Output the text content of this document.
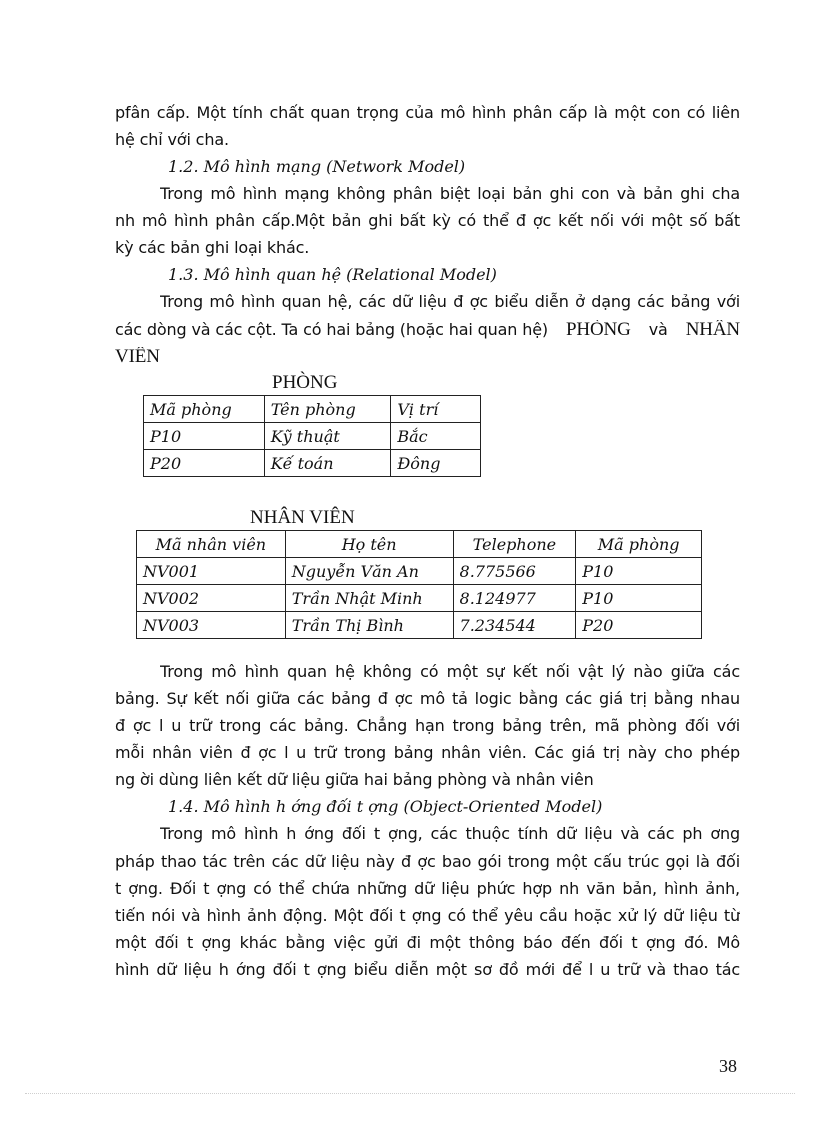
pfân cấp. Một tính chất quan trọng của mô hình phân cấp là một con có liên
hệ chỉ với cha.
1.2. Mô hình mạng (Network Model)
Trong mô hình mạng không phân biệt loại bản ghi con và bản ghi cha
nh mô hình phân cấp.Một bản ghi bất kỳ có thể đ ợc kết nối với một số bất
kỳ các bản ghi loại khác.
1.3. Mô hình quan hệ (Relational Model)
Trong mô hình quan hệ, các dữ liệu đ ợc biểu diễn ở dạng các bảng với
các dòng và các cột. Ta có hai bảng (hoặc hai quan hệ) PHÒNG và NHÂN
VIÊN
PHÒNG
Mã phòng	Tên phòng	Vị trí
P10	Kỹ thuật	Bắc
P20	Kế toán	Đông
NHÂN VIÊN
Mã nhân viên	Họ tên	Telephone	Mã phòng
NV001	Nguyễn Văn An	8.775566	P10
NV002	Trần Nhật Minh	8.124977	P10
NV003	Trần Thị Bình	7.234544	P20
Trong mô hình quan hệ không có một sự kết nối vật lý nào giữa các
bảng. Sự kết nối giữa các bảng đ ợc mô tả logic bằng các giá trị bằng nhau
đ ợc l u trữ trong các bảng. Chẳng hạn trong bảng trên, mã phòng đối với
mỗi nhân viên đ ợc l u trữ trong bảng nhân viên. Các giá trị này cho phép
ng ời dùng liên kết dữ liệu giữa hai bảng phòng và nhân viên
1.4. Mô hình h ớng đối t ợng (Object-Oriented Model)
Trong mô hình h ớng đối t ợng, các thuộc tính dữ liệu và các ph ơng
pháp thao tác trên các dữ liệu này đ ợc bao gói trong một cấu trúc gọi là đối
t ợng. Đối t ợng có thể chứa những dữ liệu phức hợp nh văn bản, hình ảnh,
tiến nói và hình ảnh động. Một đối t ợng có thể yêu cầu hoặc xử lý dữ liệu từ
một đối t ợng khác bằng việc gửi đi một thông báo đến đối t ợng đó. Mô
hình dữ liệu h ớng đối t ợng biểu diễn một sơ đồ mới để l u trữ và thao tác
38
